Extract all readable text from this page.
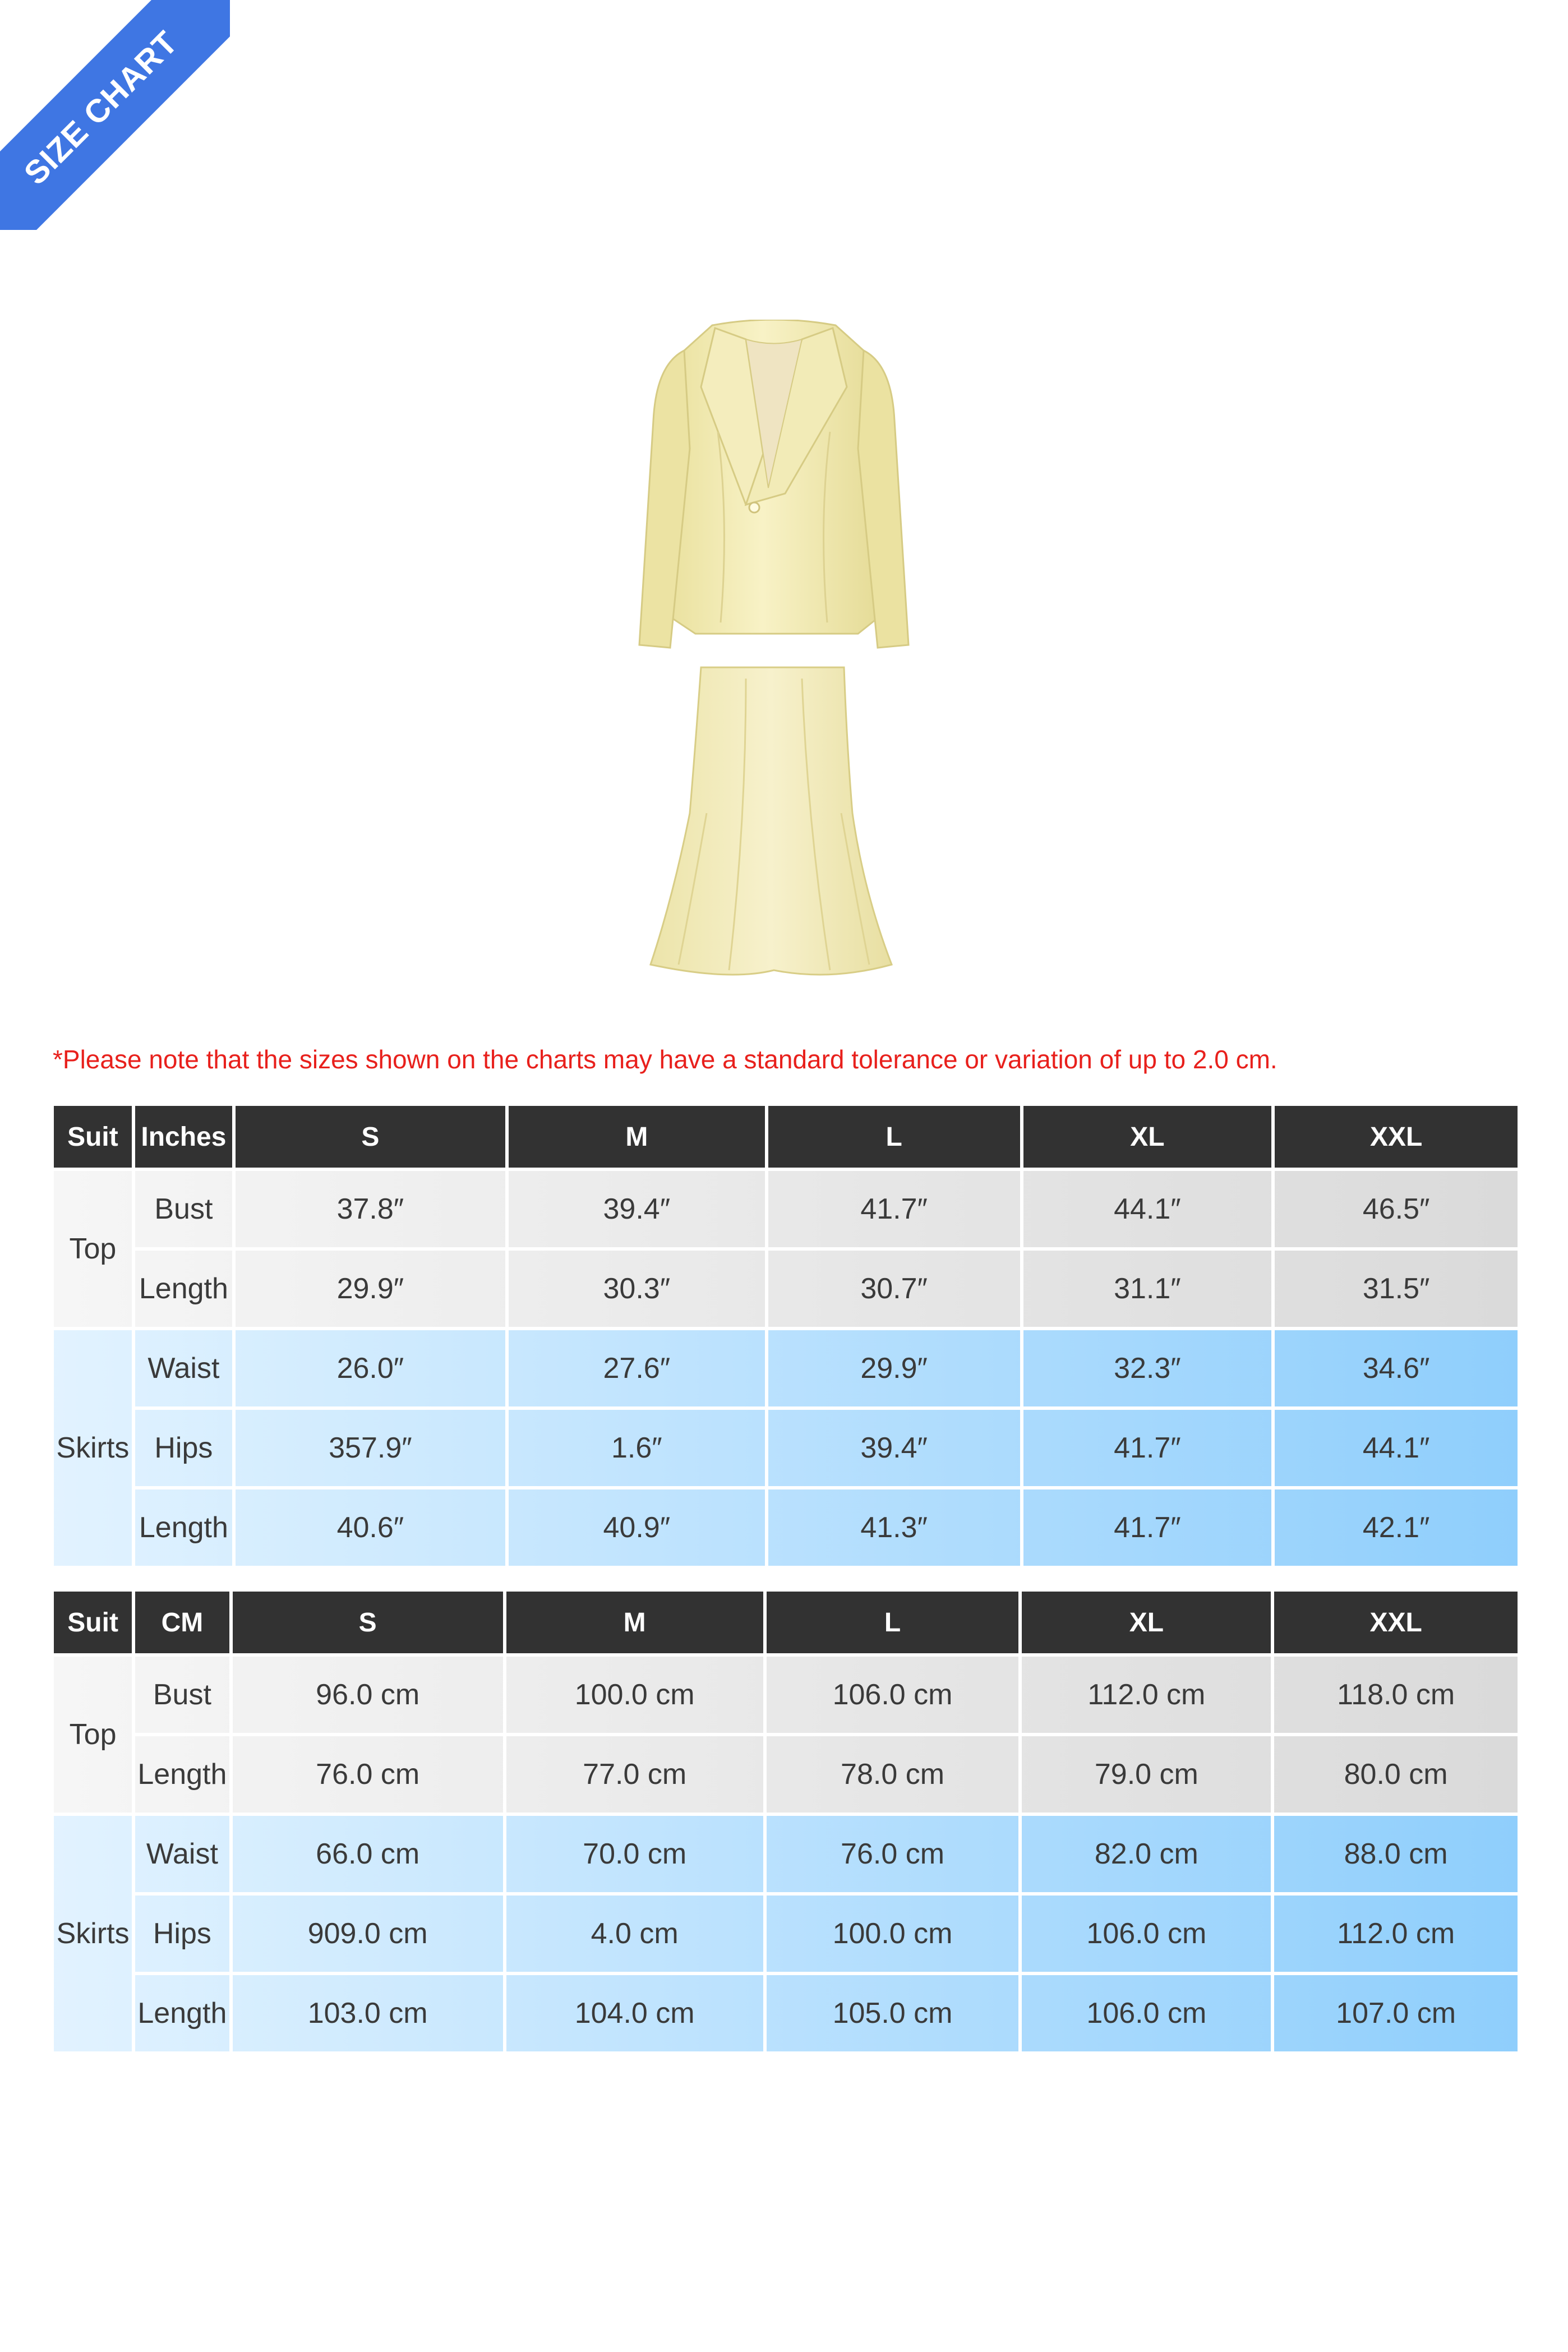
SIZE CHART
*Please note that the sizes shown on the charts may have a standard tolerance or variation of up to 2.0 cm.
Suit	Inches	S	M	L	XL	XXL
Top	Bust	37.8″	39.4″	41.7″	44.1″	46.5″
	Length	29.9″	30.3″	30.7″	31.1″	31.5″
Skirts	Waist	26.0″	27.6″	29.9″	32.3″	34.6″
	Hips	357.9″	1.6″	39.4″	41.7″	44.1″
	Length	40.6″	40.9″	41.3″	41.7″	42.1″
Suit	CM	S	M	L	XL	XXL
Top	Bust	96.0 cm	100.0 cm	106.0 cm	112.0 cm	118.0 cm
	Length	76.0 cm	77.0 cm	78.0 cm	79.0 cm	80.0 cm
Skirts	Waist	66.0 cm	70.0 cm	76.0 cm	82.0 cm	88.0 cm
	Hips	909.0 cm	4.0 cm	100.0 cm	106.0 cm	112.0 cm
	Length	103.0 cm	104.0 cm	105.0 cm	106.0 cm	107.0 cm
